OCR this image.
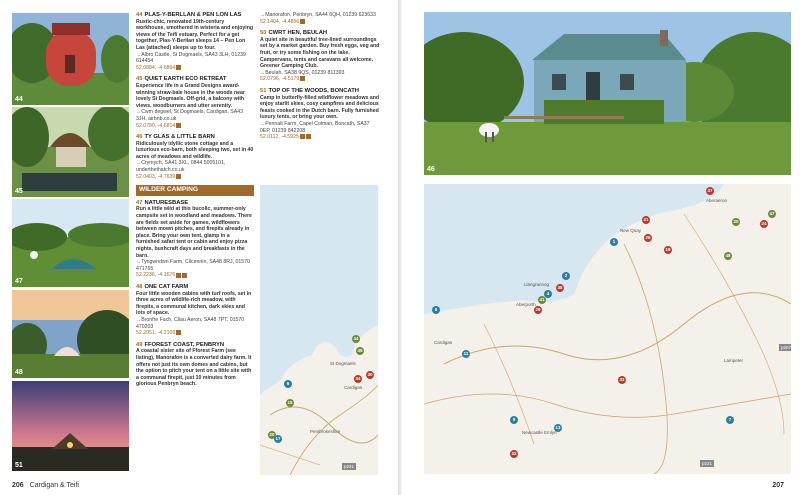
44
45
47
48
51
44 PLAS-Y-BERLLAN & PEN LON LAS
Rustic-chic, renovated 19th-century workhouse, smothered in wisteria and enjoying views of the Teifi estuary. Perfect for a get together, Plas-Y-Berllan sleeps 14 – Pen Lon Las (attached) sleeps up to four.
→ Albro Castle, St Dogmaels, SA43 3LH, 01239 614454
52.0884, -4.6864
45 QUIET EARTH ECO RETREAT
Experience life in a Grand Designs award-winning straw-bale house in the woods near lovely St Dogmaels. Off-grid, a balcony with views, woodburners and utter serenity.
→ Cwm degwel, St Dogmaels, Cardigan, SA43 3JH, airbnb.co.uk
52.0780, -4.6814
46 TY GLAS & LITTLE BARN
Ridiculously idyllic stone cottage and a luxurious eco-barn, both sleeping two, set in 40 acres of meadows and wildlife.
→ Crymych, SA41 3XL, 0844 5005101, underthethatch.co.uk
52.0403, -4.7639
WILDER CAMPING
47 NATURESBASE
Run a little wild at this bucolic, summer-only campsite set in woodland and meadows. There are fields set aside for games, wildflowers between mown pitches, and firepits already in place. Bring your own tent, glamp in a furnished safari tent or cabin and enjoy pizza nights, bushcraft days and breakfasts in the barn.
→ Tyngwndwn Farm, Cilcennin, SA48 8RJ, 01570 471765
52.2236, -4.1676
48 ONE CAT FARM
Four little wooden cabins with turf roofs, set in three acres of wildlife-rich meadow, with firepits, a communal kitchen, dark skies and lots of space.
→ Bronfre Fach, Cilau Aeron, SA48 7PT, 01570 470203
52.2051, -4.2108
49 FFOREST COAST, PENBRYN
A coastal sister site of Fforest Farm (see listing), Manorafon is a converted dairy farm. It offers not just its own domes and cabins, but the option to pitch your tent on a little site with a communal firepit, just 10 minutes from glorious Penbryn beach.
→ Manorafon, Penbryn, SA44 6QH, 01239 623633
52.1404, -4.4856
50 CWRT HEN, BEULAH
A quiet site in beautiful tree-lined surroundings set by a market garden. Buy fresh eggs, veg and fruit, or try some fishing on the lake. Campervans, tents and caravans all welcome. Greener Camping Club.
→ Beulah, SA38 9QS, 01239 811393
52.0796, -4.5179
51 TOP OF THE WOODS, BONCATH
Camp in butterfly-filled wildflower meadows and enjoy starlit skies, cosy campfires and delicious feasts cooked in the Dutch barn. Fully furnished luxury tents, or bring your own.
→ Pennalt Farm, Capel Colman, Boncath, SA37 0EP, 01239 842208
52.0112, -4.5925
44
45
30
34
6
15
20
17
St Dogmaels
Cardigan
Pembrokeshire
p221
206 Cardigan & Teifi
46
37
20	24
47
21
26
1
19
48
2
38
4
41
29
5
11
33
7
9
13
32
Aberaeron
New Quay
Llangrannog
Aberporth
Cardigan
Newcastle Emlyn
Lampeter
p207
p221
207
